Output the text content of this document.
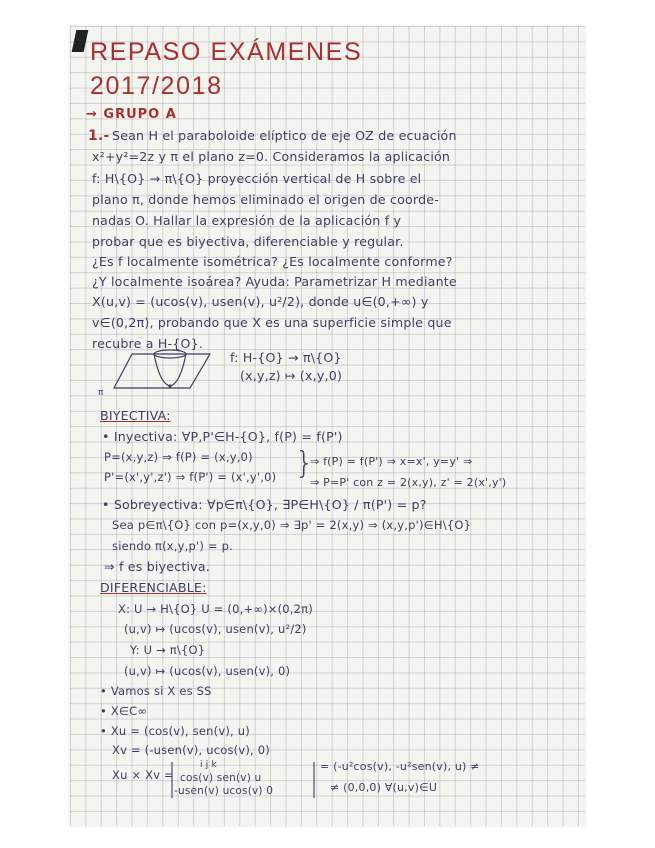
REPASO EXÁMENES
2017/2018
→ GRUPO A
1.- Sean H el paraboloide elíptico de eje OZ de ecuación
x²+y²=2z y π el plano z=0. Consideramos la aplicación
f: H\{O} → π\{O} proyección vertical de H sobre el
plano π, donde hemos eliminado el origen de coorde-
nadas O. Hallar la expresión de la aplicación f y
probar que es biyectiva, diferenciable y regular.
¿Es f localmente isométrica? ¿Es localmente conforme?
¿Y localmente isoárea? Ayuda: Parametrizar H mediante
X(u,v) = (ucos(v), usen(v), u²/2), donde u∈(0,+∞) y
v∈(0,2π), probando que X es una superficie simple que
recubre a H-{O}.
π
f: H-{O} → π\{O}
(x,y,z) ↦ (x,y,0)
BIYECTIVA:
• Inyectiva: ∀P,P'∈H-{O}, f(P) = f(P')
P=(x,y,z) ⇒ f(P) = (x,y,0)
P'=(x',y',z') ⇒ f(P') = (x',y',0) }
⇒ f(P) = f(P') ⇒ x=x', y=y' ⇒
⇒ P=P' con z = 2(x,y), z' = 2(x',y')
• Sobreyectiva: ∀p∈π\{O}, ∃P∈H\{O} / π(P') = p?
Sea p∈π\{O} con p=(x,y,0) ⇒ ∃p' = 2(x,y) ⇒ (x,y,p')∈H\{O}
siendo π(x,y,p') = p.
⇒ f es biyectiva.
DIFERENCIABLE:
X: U → H\{O} U = (0,+∞)×(0,2π)
(u,v) ↦ (ucos(v), usen(v), u²/2)
Y: U → π\{O}
(u,v) ↦ (ucos(v), usen(v), 0)
• Vamos si X es SS
• X∈C∞
• Xu = (cos(v), sen(v), u)
Xv = (-usen(v), ucos(v), 0)
Xu × Xv =
i j k
cos(v) sen(v) u
-usen(v) ucos(v) 0
= (-u²cos(v), -u²sen(v), u) ≠
≠ (0,0,0) ∀(u,v)∈U
